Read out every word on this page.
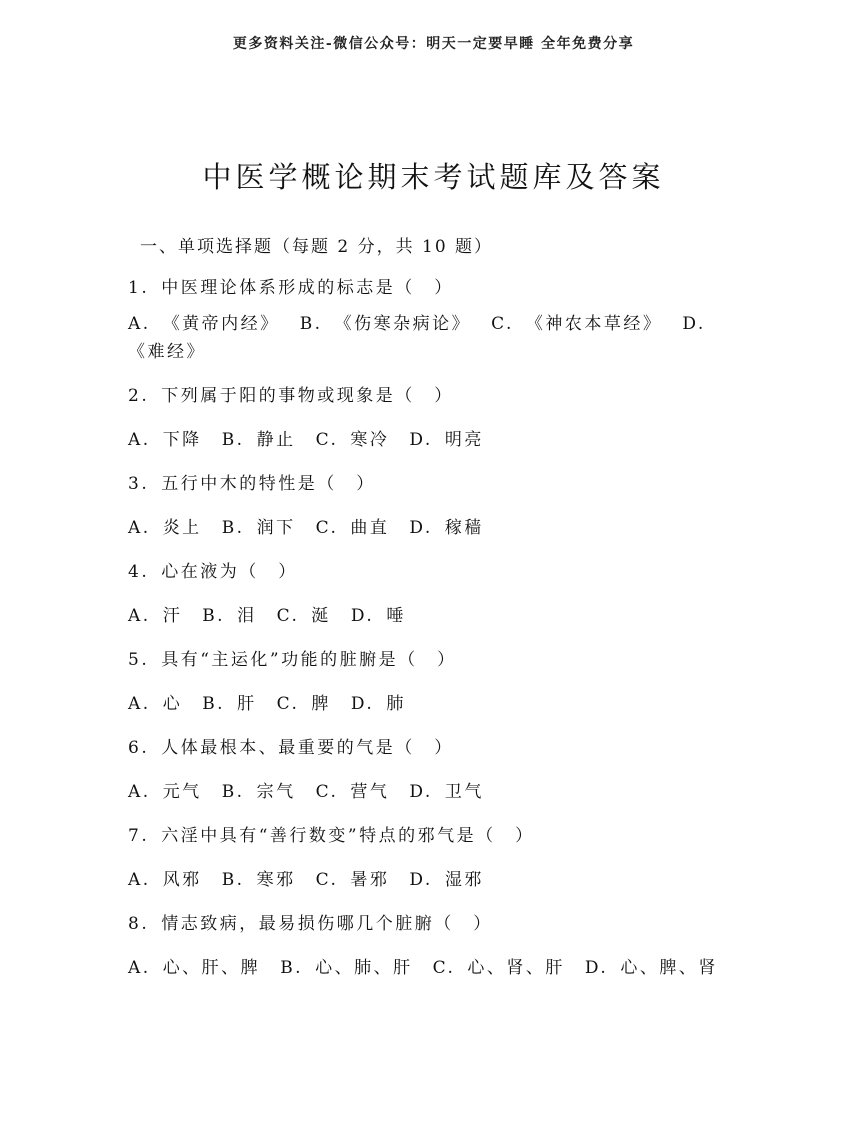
更多资料关注-微信公众号：明天一定要早睡 全年免费分享
中医学概论期末考试题库及答案
一、单项选择题（每题 2 分，共 10 题）
1. 中医理论体系形成的标志是（　）
A. 《黄帝内经》 B. 《伤寒杂病论》 C. 《神农本草经》 D.《难经》
2. 下列属于阳的事物或现象是（　）
A. 下降 B. 静止 C. 寒冷 D. 明亮
3. 五行中木的特性是（　）
A. 炎上 B. 润下 C. 曲直 D. 稼穑
4. 心在液为（　）
A. 汗 B. 泪 C. 涎 D. 唾
5. 具有“主运化”功能的脏腑是（　）
A. 心 B. 肝 C. 脾 D. 肺
6. 人体最根本、最重要的气是（　）
A. 元气 B. 宗气 C. 营气 D. 卫气
7. 六淫中具有“善行数变”特点的邪气是（　）
A. 风邪 B. 寒邪 C. 暑邪 D. 湿邪
8. 情志致病，最易损伤哪几个脏腑（　）
A. 心、肝、脾 B. 心、肺、肝 C. 心、肾、肝 D. 心、脾、肾
